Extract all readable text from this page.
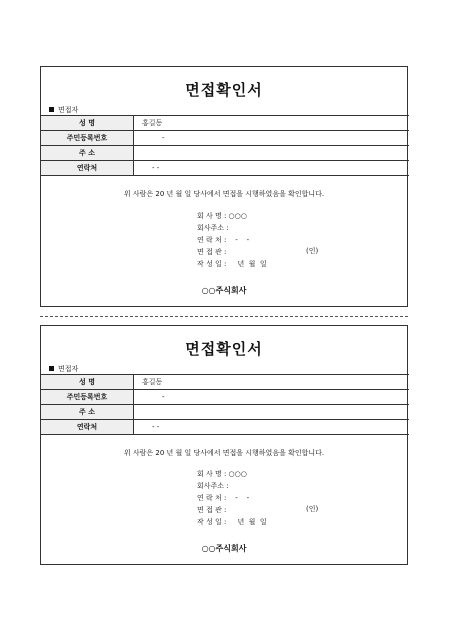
면접확인서
면접자
성 명	홍길동
주민등록번호	-
주 소	
연락처	- -
위 사람은 20 년 월 일 당사에서 면접을 시행하였음을 확인합니다.
회 사 명 : ○○○
회사주소 :
연 락 처 :    -    -
면 접 관 :
작 성 일 :     년  월  일
(인)
○○주식회사
면접확인서
면접자
성 명	홍길동
주민등록번호	-
주 소	
연락처	- -
위 사람은 20 년 월 일 당사에서 면접을 시행하였음을 확인합니다.
회 사 명 : ○○○
회사주소 :
연 락 처 :    -    -
면 접 관 :
작 성 일 :     년  월  일
(인)
○○주식회사
